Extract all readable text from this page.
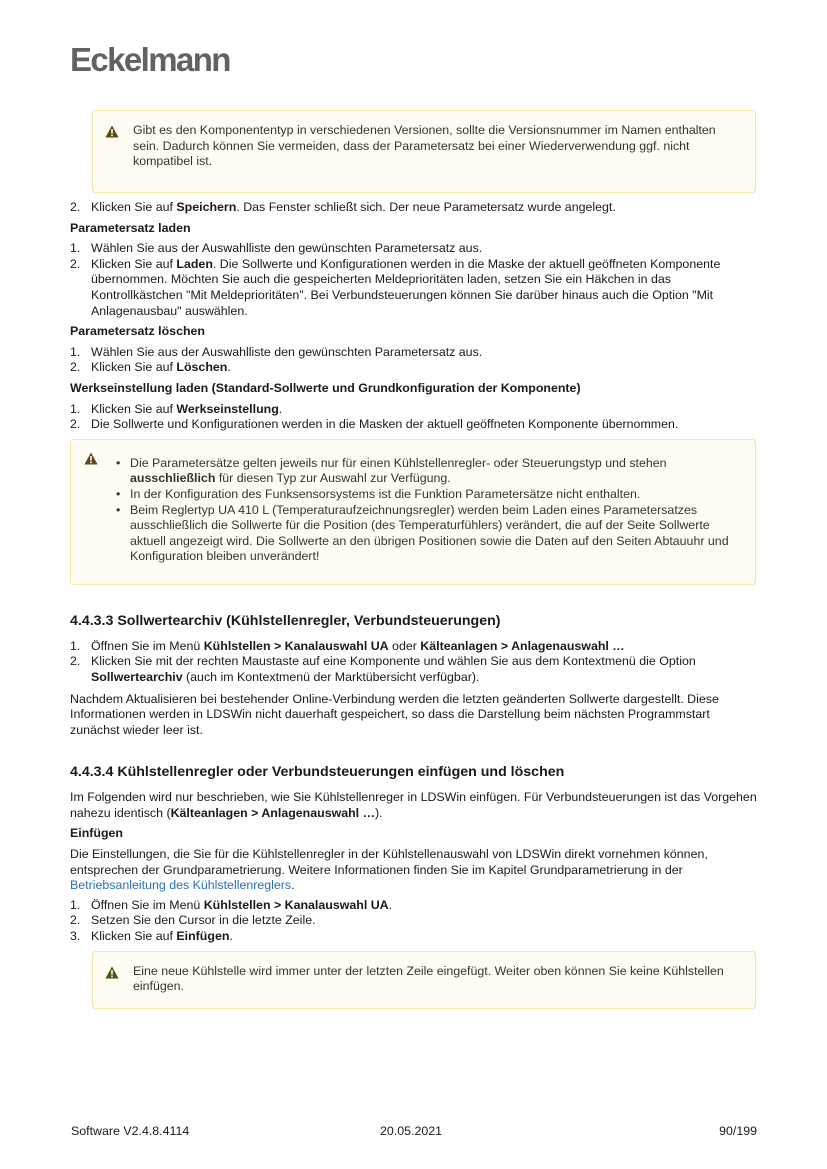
Eckelmann
Gibt es den Komponententyp in verschiedenen Versionen, sollte die Versionsnummer im Namen enthalten sein. Dadurch können Sie vermeiden, dass der Parametersatz bei einer Wiederverwendung ggf. nicht kompatibel ist.
2. Klicken Sie auf Speichern. Das Fenster schließt sich. Der neue Parametersatz wurde angelegt.
Parametersatz laden
1. Wählen Sie aus der Auswahlliste den gewünschten Parametersatz aus.
2. Klicken Sie auf Laden. Die Sollwerte und Konfigurationen werden in die Maske der aktuell geöffneten Komponente übernommen. Möchten Sie auch die gespeicherten Meldeprioritäten laden, setzen Sie ein Häkchen in das Kontrollkästchen "Mit Meldeprioritäten". Bei Verbundsteuerungen können Sie darüber hinaus auch die Option "Mit Anlagenausbau" auswählen.
Parametersatz löschen
1. Wählen Sie aus der Auswahlliste den gewünschten Parametersatz aus.
2. Klicken Sie auf Löschen.
Werkseinstellung laden (Standard-Sollwerte und Grundkonfiguration der Komponente)
1. Klicken Sie auf Werkseinstellung.
2. Die Sollwerte und Konfigurationen werden in die Masken der aktuell geöffneten Komponente übernommen.
• Die Parametersätze gelten jeweils nur für einen Kühlstellenregler- oder Steuerungstyp und stehen ausschließlich für diesen Typ zur Auswahl zur Verfügung.
• In der Konfiguration des Funksensorsystems ist die Funktion Parametersätze nicht enthalten.
• Beim Reglertyp UA 410 L (Temperaturaufzeichnungsregler) werden beim Laden eines Parametersatzes ausschließlich die Sollwerte für die Position (des Temperaturfühlers) verändert, die auf der Seite Sollwerte aktuell angezeigt wird. Die Sollwerte an den übrigen Positionen sowie die Daten auf den Seiten Abtauuhr und Konfiguration bleiben unverändert!
4.4.3.3 Sollwertearchiv (Kühlstellenregler, Verbundsteuerungen)
1. Öffnen Sie im Menü Kühlstellen > Kanalauswahl UA oder Kälteanlagen > Anlagenauswahl …
2. Klicken Sie mit der rechten Maustaste auf eine Komponente und wählen Sie aus dem Kontextmenü die Option Sollwertearchiv (auch im Kontextmenü der Marktübersicht verfügbar).

Nachdem Aktualisieren bei bestehender Online-Verbindung werden die letzten geänderten Sollwerte dargestellt. Diese Informationen werden in LDSWin nicht dauerhaft gespeichert, so dass die Darstellung beim nächsten Programmstart zunächst wieder leer ist.

4.4.3.4 Kühlstellenregler oder Verbundsteuerungen einfügen und löschen

Im Folgenden wird nur beschrieben, wie Sie Kühlstellenreger in LDSWin einfügen. Für Verbundsteuerungen ist das Vorgehen nahezu identisch (Kälteanlagen > Anlagenauswahl …).

Einfügen

Die Einstellungen, die Sie für die Kühlstellenregler in der Kühlstellenauswahl von LDSWin direkt vornehmen können, entsprechen der Grundparametrierung. Weitere Informationen finden Sie im Kapitel Grundparametrierung in der Betriebsanleitung des Kühlstellenreglers.

1. Öffnen Sie im Menü Kühlstellen > Kanalauswahl UA.
2. Setzen Sie den Cursor in die letzte Zeile.
3. Klicken Sie auf Einfügen.
Eine neue Kühlstelle wird immer unter der letzten Zeile eingefügt. Weiter oben können Sie keine Kühlstellen einfügen.
Software V2.4.8.4114	20.05.2021	90/199
